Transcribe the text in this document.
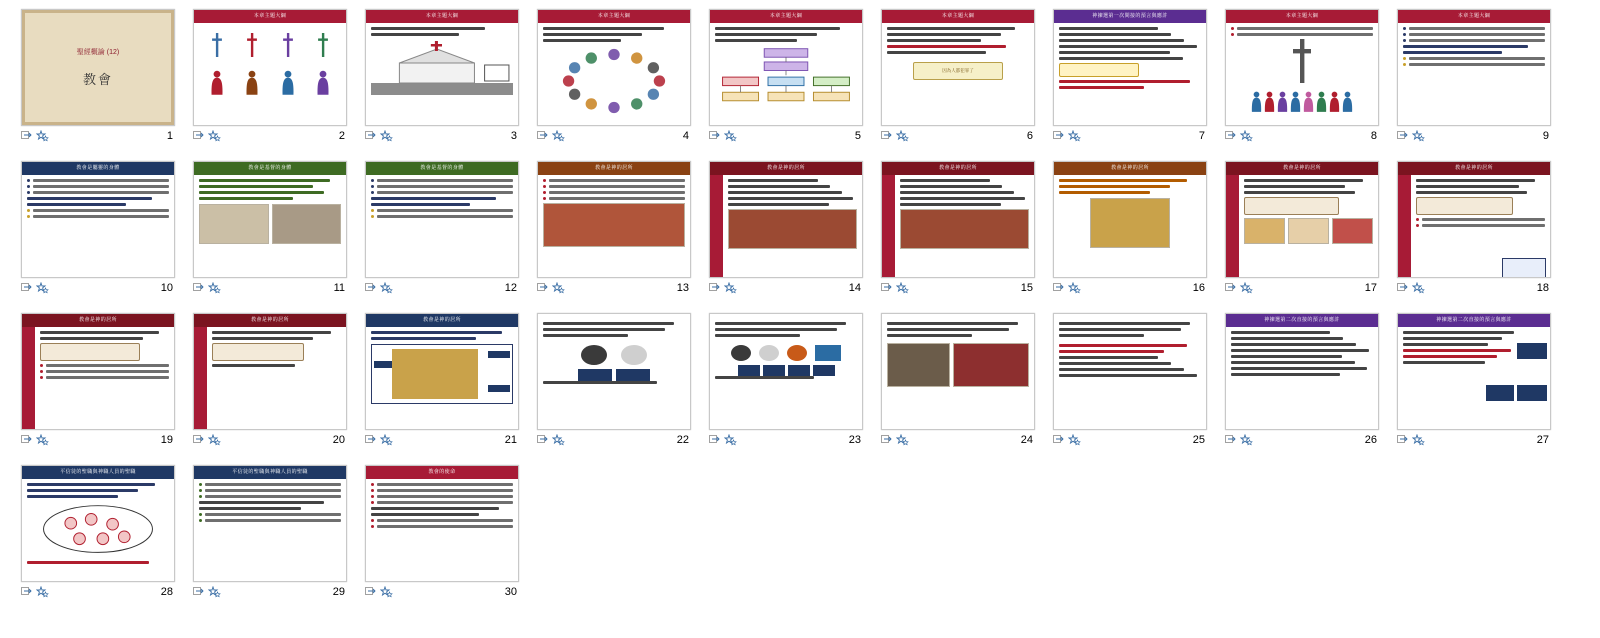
聖經概論 (12)
教會
1
本章主題大綱
2
本章主題大綱
3
本章主題大綱
4
本章主題大綱
5
本章主題大綱
因為人都犯罪了
6
神揀選第一次間接的預言與應許
7
本章主題大綱
8
本章主題大綱
9
教會是屬靈的身體
10
教會是基督的身體
11
教會是基督的身體
12
教會是神的居所
13
教會是神的居所
14
教會是神的居所
15
教會是神的居所
16
教會是神的居所
17
教會是神的居所
18
教會是神的居所
19
教會是神的居所
20
教會是神的居所
21	22	23	24	25
神揀選第二次直接的預言與應許
26
神揀選第二次直接的預言與應許
27
平信徒的聖職與神職人員的聖職
28
平信徒的聖職與神職人員的聖職
29
教會的使命
30
